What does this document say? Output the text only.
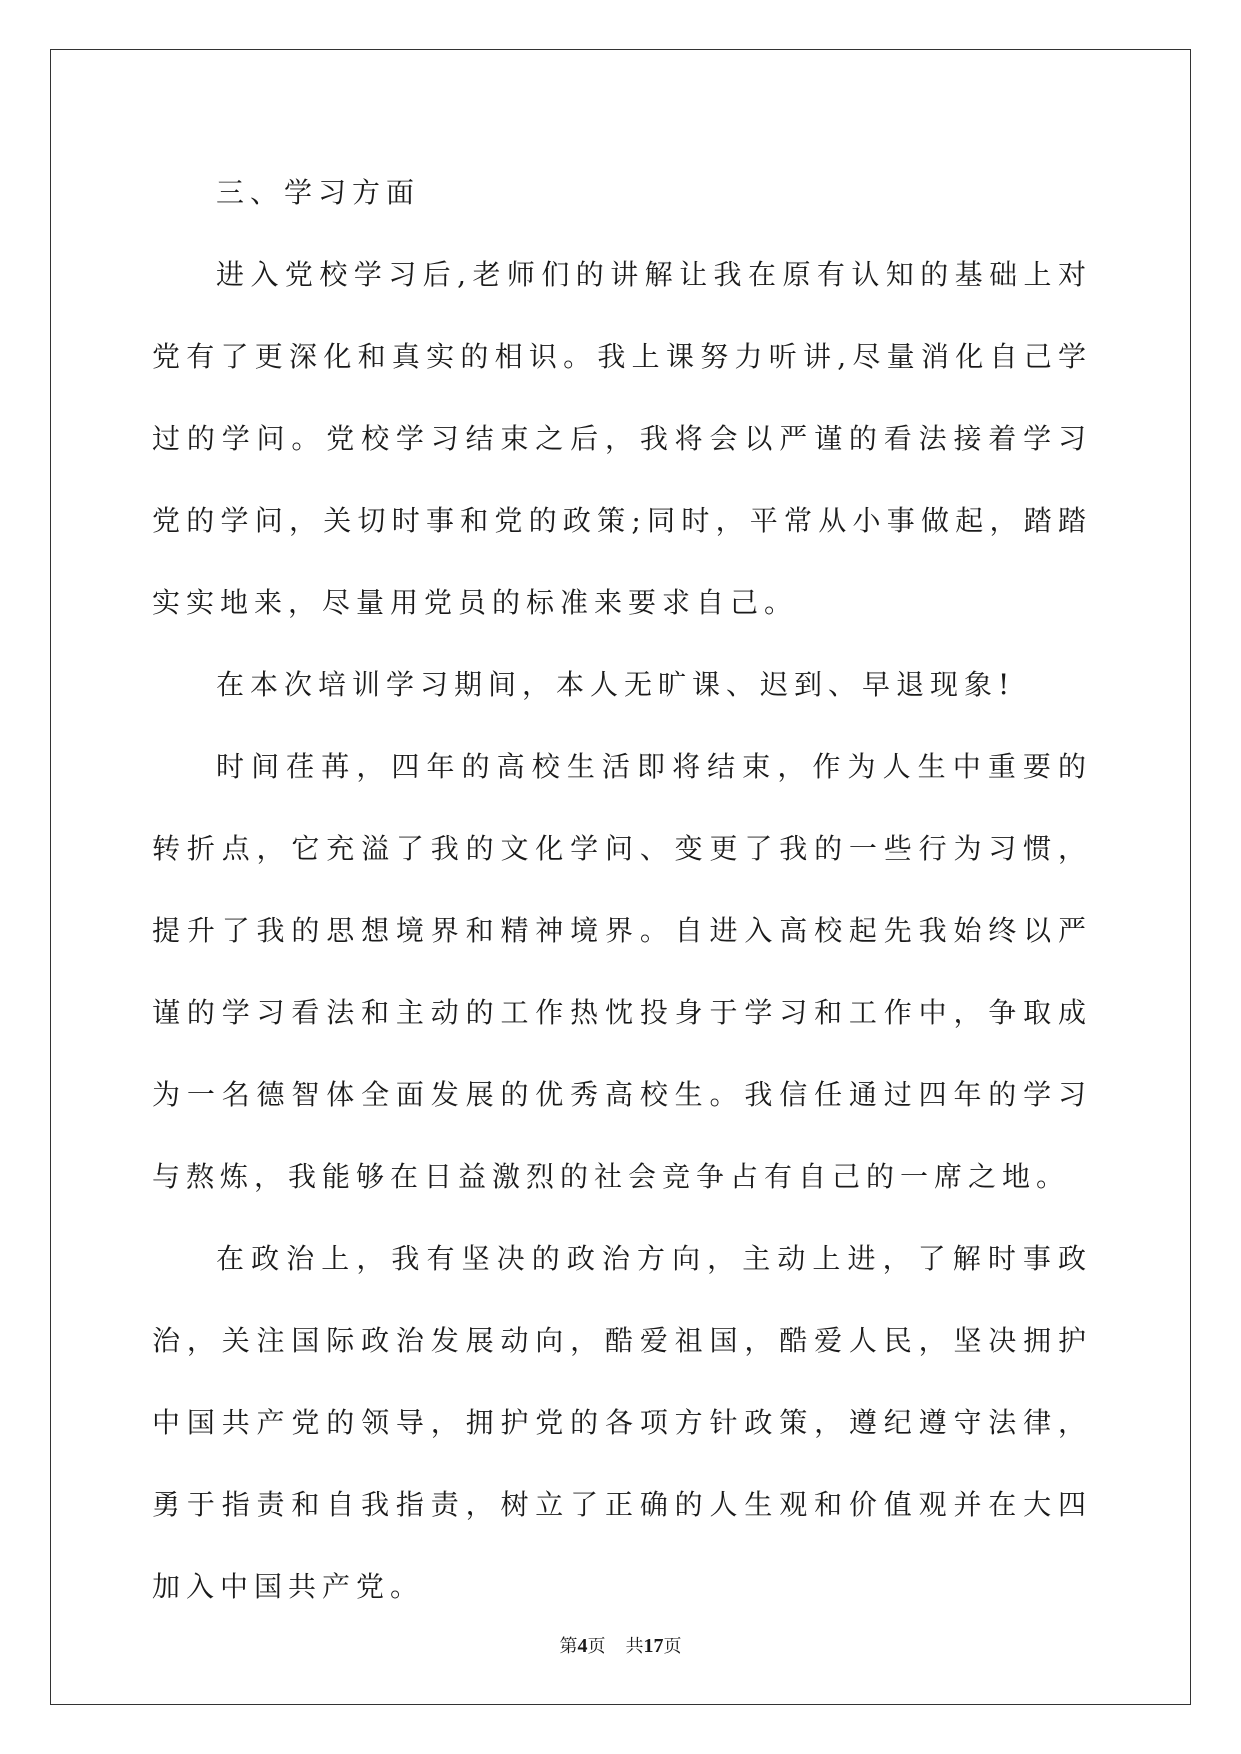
三、学习方面

进入党校学习后,老师们的讲解让我在原有认知的基础上对党有了更深化和真实的相识。我上课努力听讲,尽量消化自己学过的学问。党校学习结束之后，我将会以严谨的看法接着学习党的学问，关切时事和党的政策;同时，平常从小事做起，踏踏实实地来，尽量用党员的标准来要求自己。

在本次培训学习期间，本人无旷课、迟到、早退现象!

时间荏苒，四年的高校生活即将结束，作为人生中重要的转折点，它充溢了我的文化学问、变更了我的一些行为习惯，提升了我的思想境界和精神境界。自进入高校起先我始终以严谨的学习看法和主动的工作热忱投身于学习和工作中，争取成为一名德智体全面发展的优秀高校生。我信任通过四年的学习与熬炼，我能够在日益激烈的社会竞争占有自己的一席之地。

在政治上，我有坚决的政治方向，主动上进，了解时事政治，关注国际政治发展动向，酷爱祖国，酷爱人民，坚决拥护中国共产党的领导，拥护党的各项方针政策，遵纪遵守法律，勇于指责和自我指责，树立了正确的人生观和价值观并在大四加入中国共产党。

第4页 共17页
